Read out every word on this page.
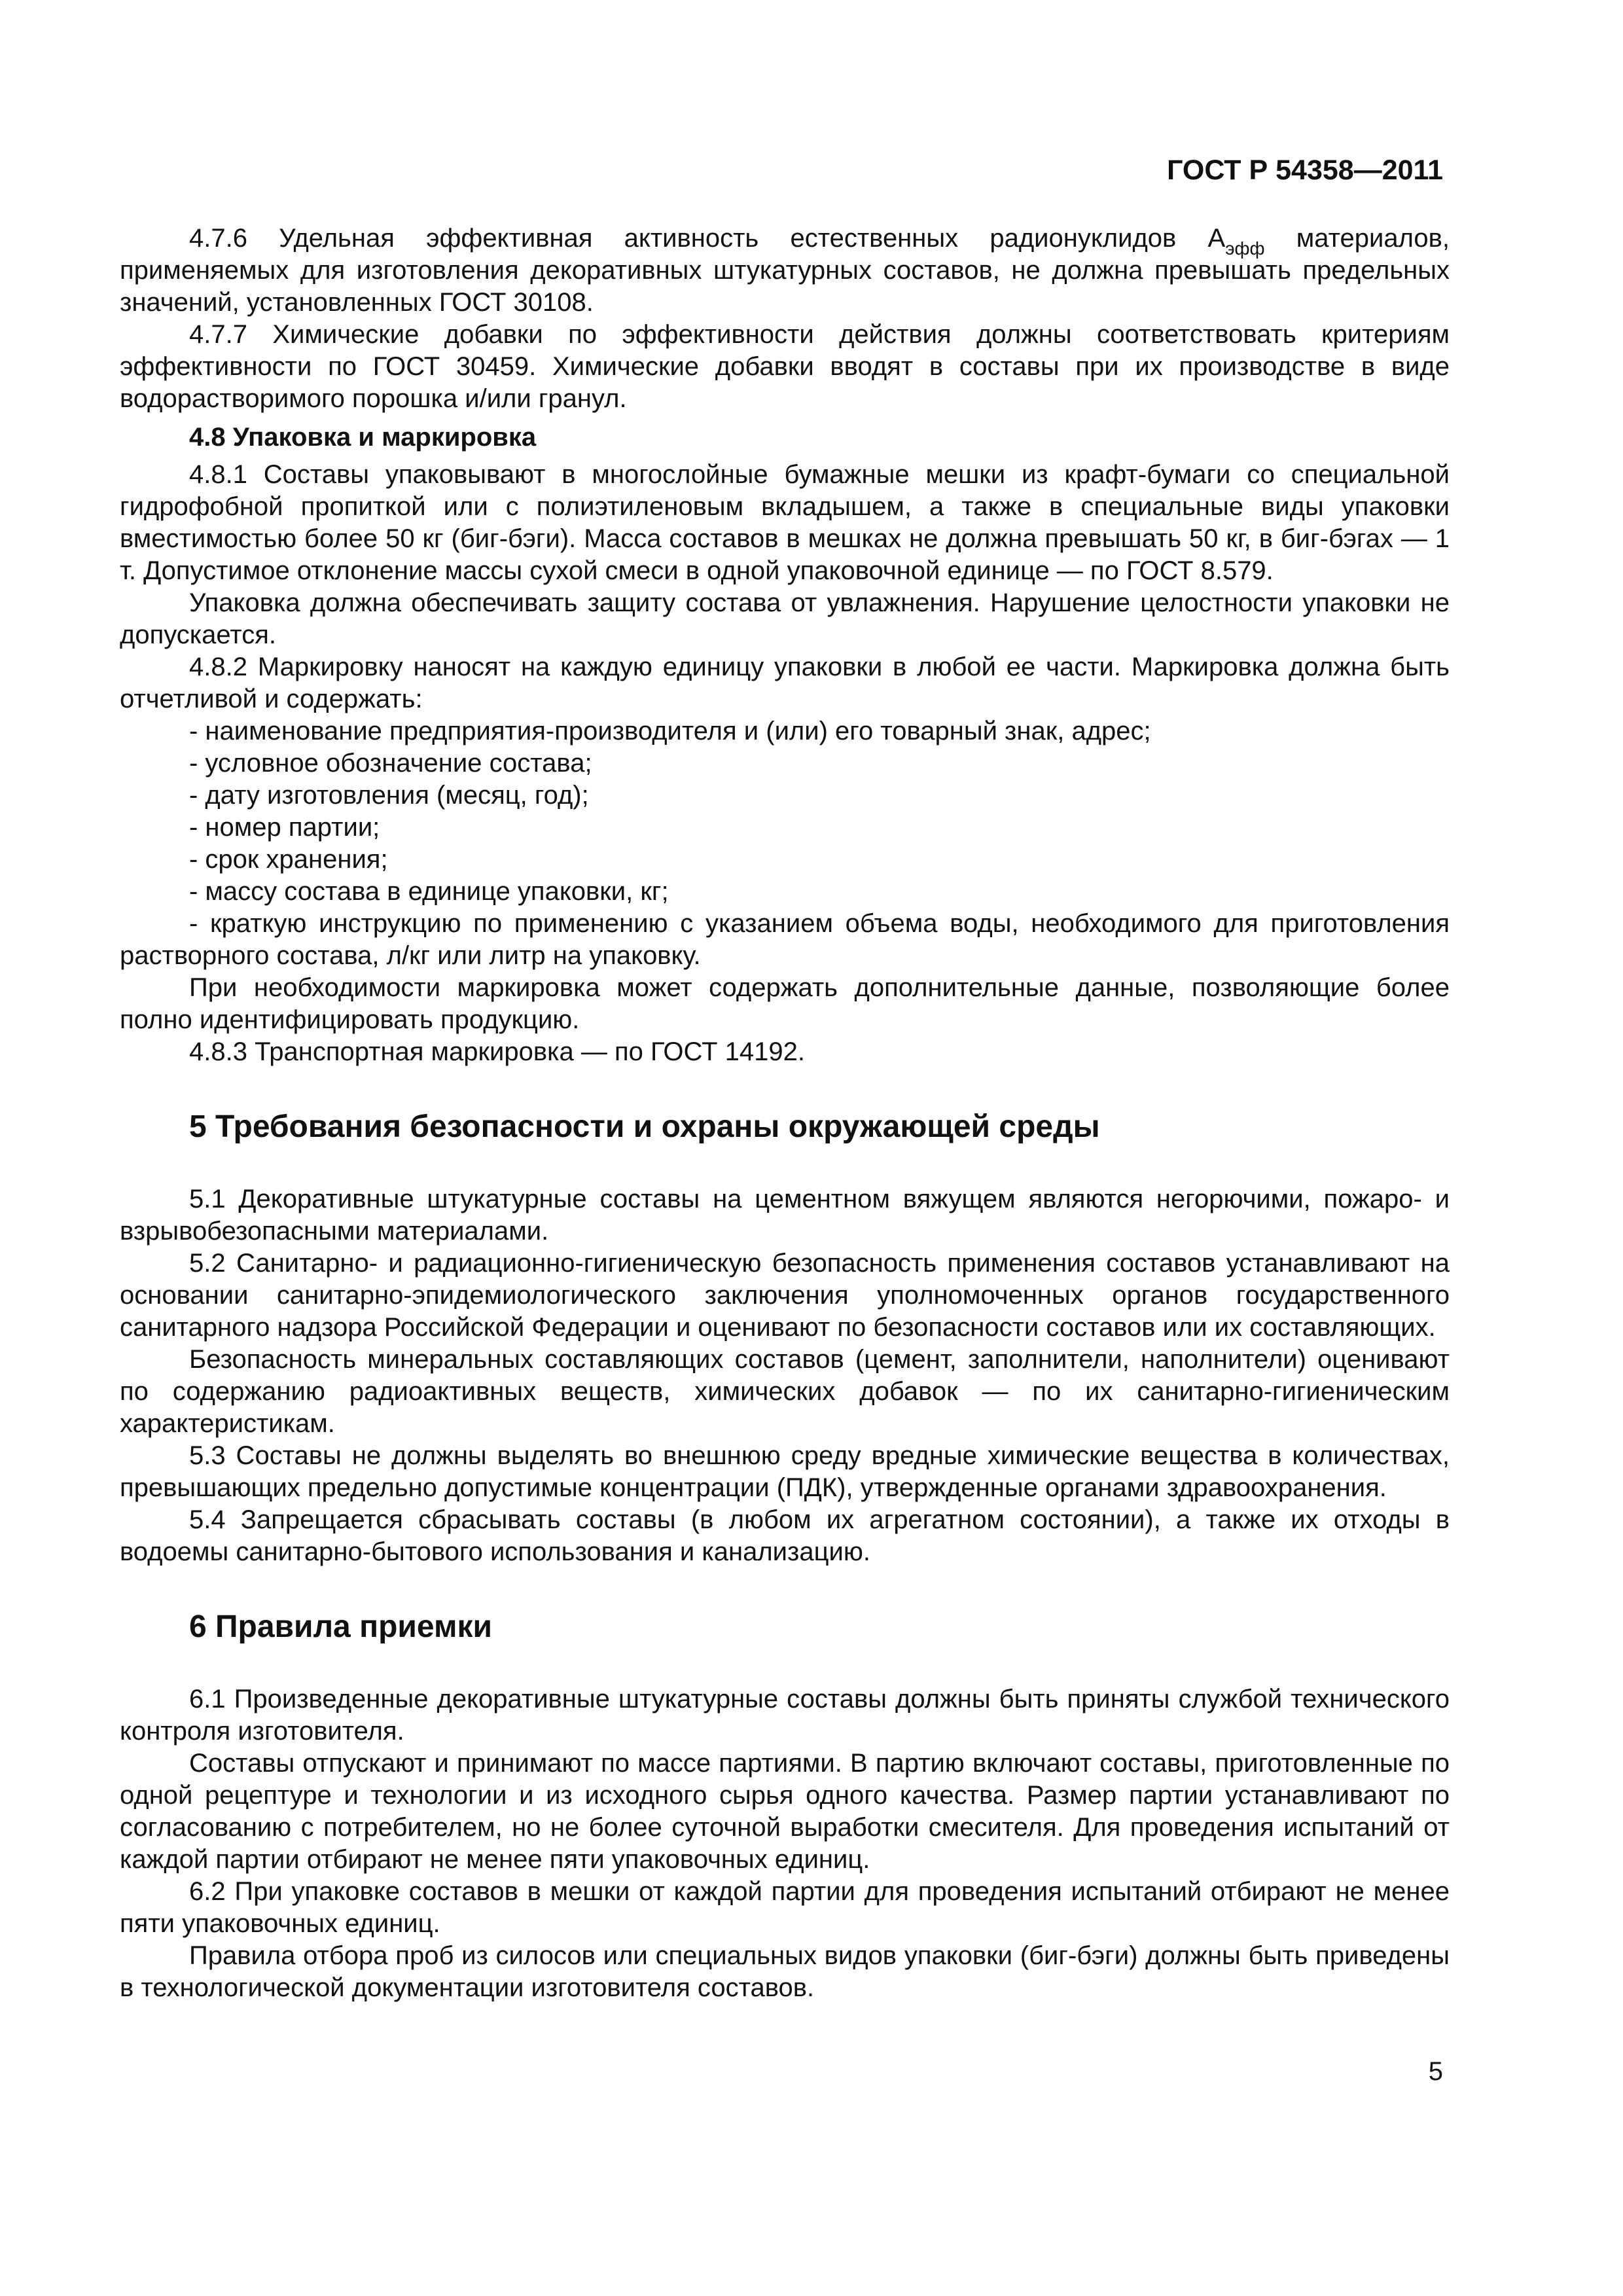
ГОСТ Р 54358—2011

4.7.6 Удельная эффективная активность естественных радионуклидов $А_{эфф}$ материалов, применяемых для изготовления декоративных штукатурных составов, не должна превышать предельных значений, установленных ГОСТ 30108.

4.7.7 Химические добавки по эффективности действия должны соответствовать критериям эффективности по ГОСТ 30459. Химические добавки вводят в составы при их производстве в виде водорастворимого порошка и/или гранул.

4.8 Упаковка и маркировка

4.8.1 Составы упаковывают в многослойные бумажные мешки из крафт-бумаги со специальной гидрофобной пропиткой или с полиэтиленовым вкладышем, а также в специальные виды упаковки вместимостью более 50 кг (биг-бэги). Масса составов в мешках не должна превышать 50 кг, в биг-бэгах — 1 т. Допустимое отклонение массы сухой смеси в одной упаковочной единице — по ГОСТ 8.579.

Упаковка должна обеспечивать защиту состава от увлажнения. Нарушение целостности упаковки не допускается.

4.8.2 Маркировку наносят на каждую единицу упаковки в любой ее части. Маркировка должна быть отчетливой и содержать:

- наименование предприятия-производителя и (или) его товарный знак, адрес;
- условное обозначение состава;
- дату изготовления (месяц, год);
- номер партии;
- срок хранения;
- массу состава в единице упаковки, кг;
- краткую инструкцию по применению с указанием объема воды, необходимого для приготовления растворного состава, л/кг или литр на упаковку.

При необходимости маркировка может содержать дополнительные данные, позволяющие более полно идентифицировать продукцию.

4.8.3 Транспортная маркировка — по ГОСТ 14192.

5 Требования безопасности и охраны окружающей среды

5.1 Декоративные штукатурные составы на цементном вяжущем являются негорючими, пожаро- и взрывобезопасными материалами.

5.2 Санитарно- и радиационно-гигиеническую безопасность применения составов устанавливают на основании санитарно-эпидемиологического заключения уполномоченных органов государственного санитарного надзора Российской Федерации и оценивают по безопасности составов или их составляющих.

Безопасность минеральных составляющих составов (цемент, заполнители, наполнители) оценивают по содержанию радиоактивных веществ, химических добавок — по их санитарно-гигиеническим характеристикам.

5.3 Составы не должны выделять во внешнюю среду вредные химические вещества в количествах, превышающих предельно допустимые концентрации (ПДК), утвержденные органами здравоохранения.

5.4 Запрещается сбрасывать составы (в любом их агрегатном состоянии), а также их отходы в водоемы санитарно-бытового использования и канализацию.

6 Правила приемки

6.1 Произведенные декоративные штукатурные составы должны быть приняты службой технического контроля изготовителя.

Составы отпускают и принимают по массе партиями. В партию включают составы, приготовленные по одной рецептуре и технологии и из исходного сырья одного качества. Размер партии устанавливают по согласованию с потребителем, но не более суточной выработки смесителя. Для проведения испытаний от каждой партии отбирают не менее пяти упаковочных единиц.

6.2 При упаковке составов в мешки от каждой партии для проведения испытаний отбирают не менее пяти упаковочных единиц.

Правила отбора проб из силосов или специальных видов упаковки (биг-бэги) должны быть приведены в технологической документации изготовителя составов.

5
